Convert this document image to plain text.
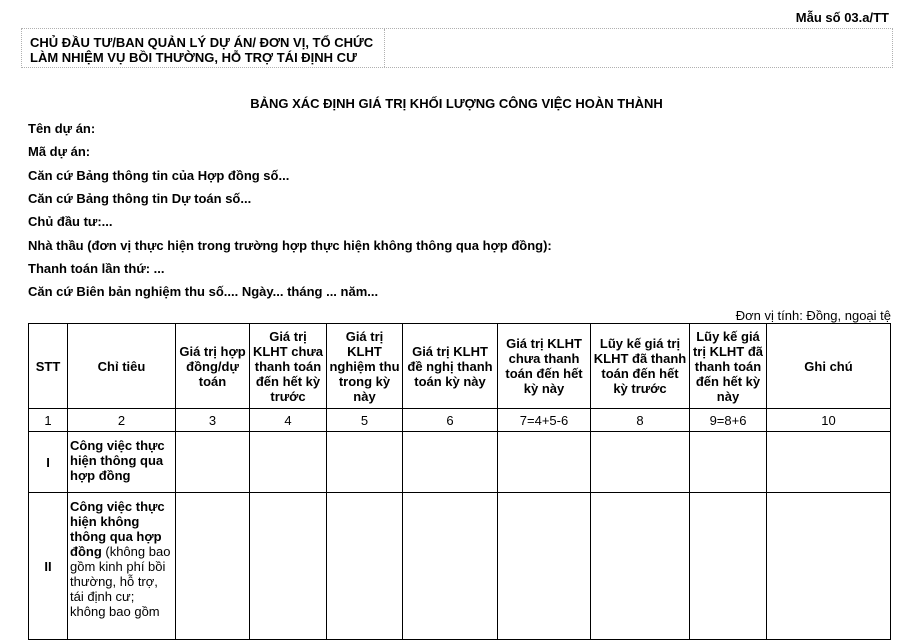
Mẫu số 03.a/TT
CHỦ ĐẦU TƯ/BAN QUẢN LÝ DỰ ÁN/ ĐƠN VỊ, TỔ CHỨC
LÀM NHIỆM VỤ BỒI THƯỜNG, HỖ TRỢ TÁI ĐỊNH CƯ
BẢNG XÁC ĐỊNH GIÁ TRỊ KHỐI LƯỢNG CÔNG VIỆC HOÀN THÀNH
Tên dự án:
Mã dự án:
Căn cứ Bảng thông tin của Hợp đồng số...
Căn cứ Bảng thông tin Dự toán số...
Chủ đầu tư:...
Nhà thầu (đơn vị thực hiện trong trường hợp thực hiện không thông qua hợp đồng):
Thanh toán lần thứ: ...
Căn cứ Biên bản nghiệm thu số.... Ngày... tháng ... năm...
Đơn vị tính: Đồng, ngoại tệ
STT	Chỉ tiêu	Giá trị hợp đồng/dự toán	Giá trị KLHT chưa thanh toán đến hết kỳ trước	Giá trị KLHT nghiệm thu trong kỳ này	Giá trị KLHT đề nghị thanh toán kỳ này	Giá trị KLHT chưa thanh toán đến hết kỳ này	Lũy kế giá trị KLHT đã thanh toán đến hết kỳ trước	Lũy kế giá trị KLHT đã thanh toán đến hết kỳ này	Ghi chú
1	2	3	4	5	6	7=4+5-6	8	9=8+6	10
I	Công việc thực hiện thông qua hợp đồng								
II	Công việc thực hiện không thông qua hợp đồng (không bao gồm kinh phí bồi thường, hỗ trợ, tái định cư; không bao gồm								
